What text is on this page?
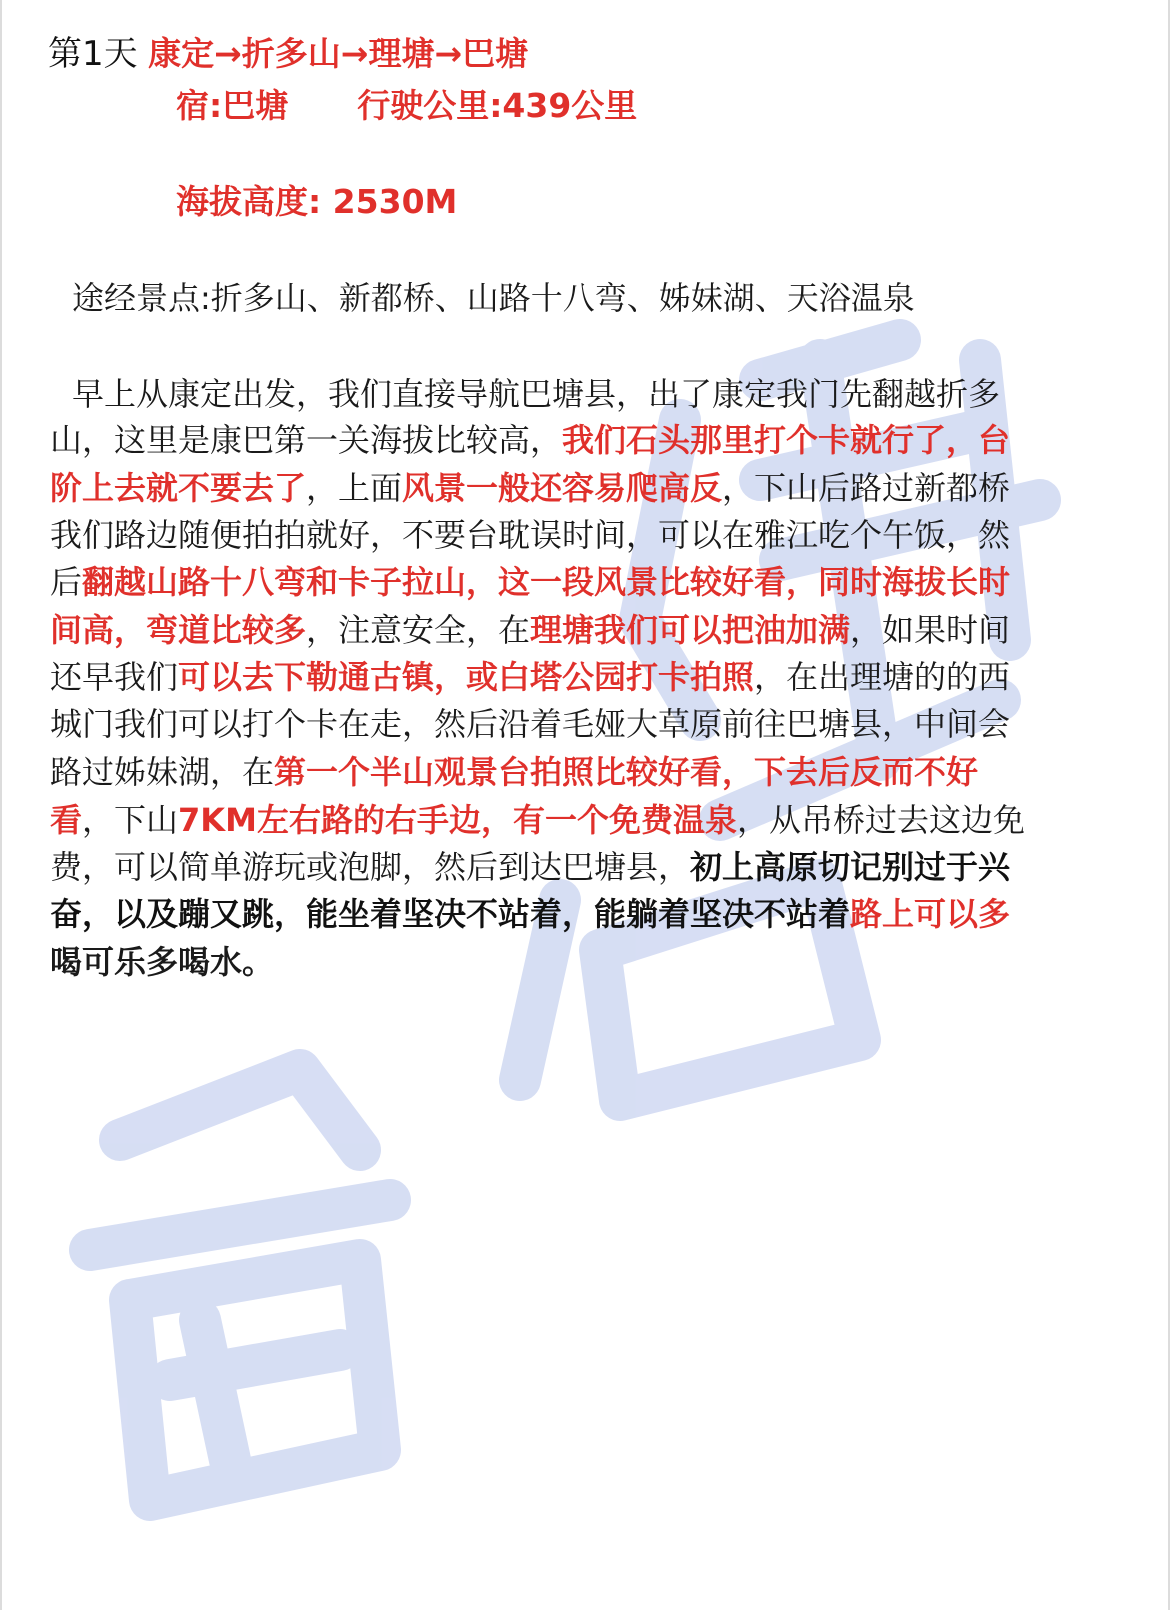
第1天 康定→折多山→理塘→巴塘
宿:巴塘 行驶公里:439公里
海拔高度: 2530M
途经景点:折多山、新都桥、山路十八弯、姊妹湖、天浴温泉
早上从康定出发，我们直接导航巴塘县，出了康定我门先翻越折多
山，这里是康巴第一关海拔比较高，我们石头那里打个卡就行了，台
阶上去就不要去了，上面风景一般还容易爬高反，下山后路过新都桥
我们路边随便拍拍就好，不要台耽误时间，可以在雅江吃个午饭，然
后翻越山路十八弯和卡子拉山，这一段风景比较好看，同时海拔长时
间高，弯道比较多，注意安全，在理塘我们可以把油加满，如果时间
还早我们可以去下勒通古镇，或白塔公园打卡拍照，在出理塘的的西
城门我们可以打个卡在走，然后沿着毛娅大草原前往巴塘县，中间会
路过姊妹湖，在第一个半山观景台拍照比较好看，下去后反而不好
看，下山7KM左右路的右手边，有一个免费温泉，从吊桥过去这边免
费，可以简单游玩或泡脚，然后到达巴塘县，初上高原切记别过于兴
奋，以及蹦又跳，能坐着坚决不站着，能躺着坚决不站着路上可以多
喝可乐多喝水。
